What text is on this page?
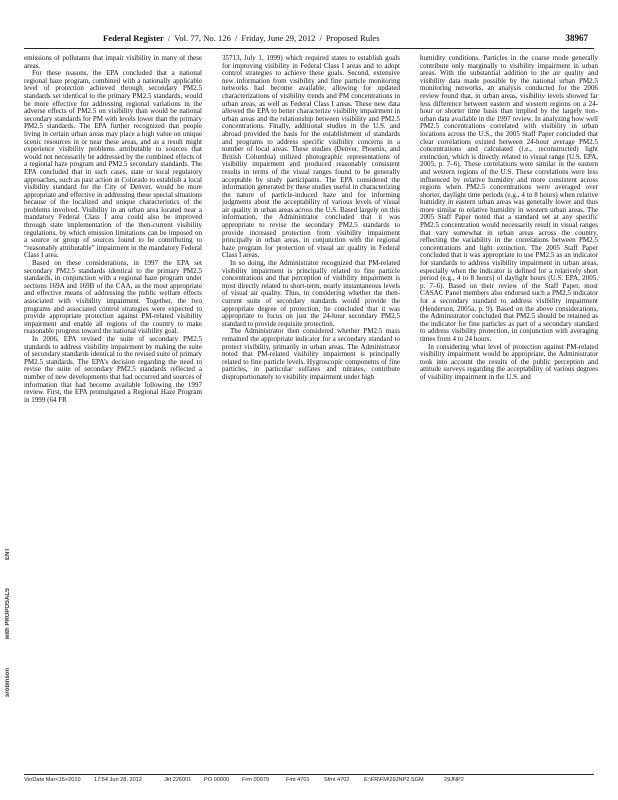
Federal Register / Vol. 77, No. 126 / Friday, June 29, 2012 / Proposed Rules	38967

emissions of pollutants that impair visibility in many of these areas.

For these reasons, the EPA concluded that a national regional haze program, combined with a nationally applicable level of protection achieved through secondary PM2.5 standards set identical to the primary PM2.5 standards, would be more effective for addressing regional variations in the adverse effects of PM2.5 on visibility than would be national secondary standards for PM with levels lower than the primary PM2.5 standards. The EPA further recognized that people living in certain urban areas may place a high value on unique scenic resources in or near these areas, and as a result might experience visibility problems attributable to sources that would not necessarily be addressed by the combined effects of a regional haze program and PM2.5 secondary standards. The EPA concluded that in such cases, state or local regulatory approaches, such as past action in Colorado to establish a local visibility standard for the City of Denver, would be more appropriate and effective in addressing these special situations because of the localized and unique characteristics of the problems involved. Visibility in an urban area located near a mandatory Federal Class I area could also be improved through state implementation of the then-current visibility regulations, by which emission limitations can be imposed on a source or group of sources found to be contributing to “reasonably attributable” impairment in the mandatory Federal Class I area.

Based on these considerations, in 1997 the EPA set secondary PM2.5 standards identical to the primary PM2.5 standards, in conjunction with a regional haze program under sections 169A and 169B of the CAA, as the most appropriate and effective means of addressing the public welfare effects associated with visibility impairment. Together, the two programs and associated control strategies were expected to provide appropriate protection against PM-related visibility impairment and enable all regions of the country to make reasonable progress toward the national visibility goal.

In 2006, EPA revised the suite of secondary PM2.5 standards to address visibility impairment by making the suite of secondary standards identical to the revised suite of primary PM2.5 standards. The EPA’s decision regarding the need to revise the suite of secondary PM2.5 standards reflected a number of new developments that had occurred and sources of information that had become available following the 1997 review. First, the EPA promulgated a Regional Haze Program in 1999 (64 FR

35713, July 1, 1999) which required states to establish goals for improving visibility in Federal Class I areas and to adopt control strategies to achieve these goals. Second, extensive new information from visibility and fine particle monitoring networks had become available, allowing for updated characterizations of visibility trends and PM concentrations in urban areas, as well as Federal Class I areas. These new data allowed the EPA to better characterize visibility impairment in urban areas and the relationship between visibility and PM2.5 concentrations. Finally, additional studies in the U.S. and abroad provided the basis for the establishment of standards and programs to address specific visibility concerns in a number of local areas. These studies (Denver, Phoenix, and British Columbia) utilized photographic representations of visibility impairment and produced reasonably consistent results in terms of the visual ranges found to be generally acceptable by study participants. The EPA considered the information generated by these studies useful in characterizing the nature of particle-induced haze and for informing judgments about the acceptability of various levels of visual air quality in urban areas across the U.S. Based largely on this information, the Administrator concluded that it was appropriate to revise the secondary PM2.5 standards to provide increased protection from visibility impairment principally in urban areas, in conjunction with the regional haze program for protection of visual air quality in Federal Class I areas.

In so doing, the Administrator recognized that PM-related visibility impairment is principally related to fine particle concentrations and that perception of visibility impairment is most directly related to short-term, nearly instantaneous levels of visual air quality. Thus, in considering whether the then-current suite of secondary standards would provide the appropriate degree of protection, he concluded that it was appropriate to focus on just the 24-hour secondary PM2.5 standard to provide requisite protection.

The Administrator then considered whether PM2.5 mass remained the appropriate indicator for a secondary standard to protect visibility, primarily in urban areas. The Administrator noted that PM-related visibility impairment is principally related to fine particle levels. Hygroscopic components of fine particles, in particular sulfates and nitrates, contribute disproportionately to visibility impairment under high

humidity conditions. Particles in the coarse mode generally contribute only marginally to visibility impairment in urban areas. With the substantial addition to the air quality and visibility data made possible by the national urban PM2.5 monitoring networks, an analysis conducted for the 2006 review found that, in urban areas, visibility levels showed far less difference between eastern and western regions on a 24-hour or shorter time basis than implied by the largely non-urban data available in the 1997 review. In analyzing how well PM2.5 concentrations correlated with visibility in urban locations across the U.S., the 2005 Staff Paper concluded that clear correlations existed between 24-hour average PM2.5 concentrations and calculated (i.e., reconstructed) light extinction, which is directly related to visual range (U.S. EPA, 2005, p. 7–6). These correlations were similar in the eastern and western regions of the U.S. These correlations were less influenced by relative humidity and more consistent across regions when PM2.5 concentrations were averaged over shorter, daylight time periods (e.g., 4 to 8 hours) when relative humidity in eastern urban areas was generally lower and thus more similar to relative humidity in western urban areas. The 2005 Staff Paper noted that a standard set at any specific PM2.5 concentration would necessarily result in visual ranges that vary somewhat in urban areas across the country, reflecting the variability in the correlations between PM2.5 concentrations and light extinction. The 2005 Staff Paper concluded that it was appropriate to use PM2.5 as an indicator for standards to address visibility impairment in urban areas, especially when the indicator is defined for a relatively short period (e.g., 4 to 8 hours) of daylight hours (U.S. EPA, 2005, p. 7–6). Based on their review of the Staff Paper, most CASAC Panel members also endorsed such a PM2.5 indicator for a secondary standard to address visibility impairment (Henderson, 2005a, p. 9). Based on the above considerations, the Administrator concluded that PM2.5 should be retained as the indicator for fine particles as part of a secondary standard to address visibility protection, in conjunction with averaging times from 4 to 24 hours.

In considering what level of protection against PM-related visibility impairment would be appropriate, the Administrator took into account the results of the public perception and attitude surveys regarding the acceptability of various degrees of visibility impairment in the U.S. and

srobinson
with PROPOSALS
ENT
VerDate Mar<15>2010 17:54 Jun 28, 2012	Jkt 226001 PO 00000 Frm 00079	Fmt 4701	Sfmt 4702	E:\FR\FM\29JNP2.SGM	29JNP2
